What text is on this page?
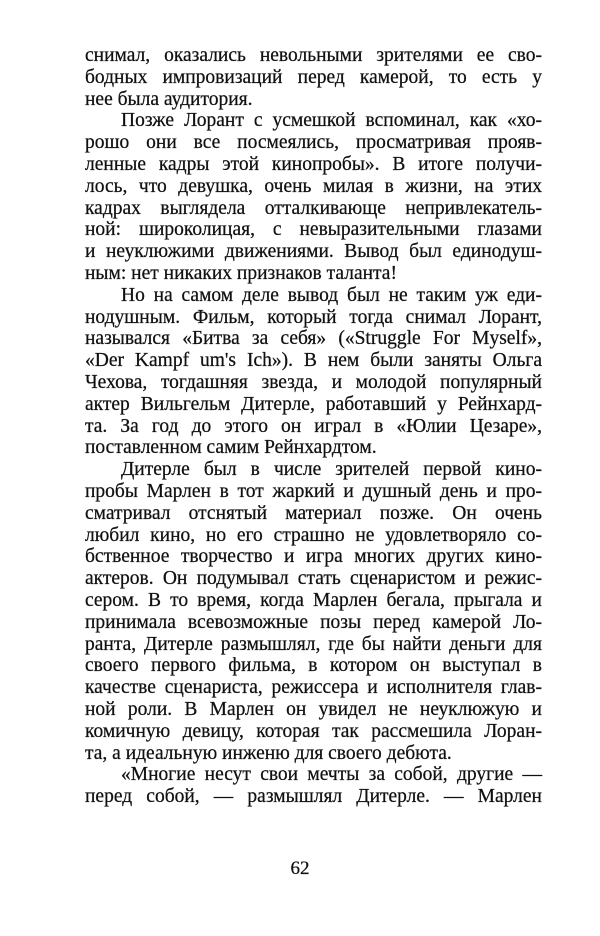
снимал, оказались невольными зрителями ее сво-
бодных импровизаций перед камерой, то есть у
нее была аудитория.
Позже Лорант с усмешкой вспоминал, как «хо-
рошо они все посмеялись, просматривая прояв-
ленные кадры этой кинопробы». В итоге получи-
лось, что девушка, очень милая в жизни, на этих
кадрах выглядела отталкивающе непривлекатель-
ной: широколицая, с невыразительными глазами
и неуклюжими движениями. Вывод был единодуш-
ным: нет никаких признаков таланта!
Но на самом деле вывод был не таким уж еди-
нодушным. Фильм, который тогда снимал Лорант,
назывался «Битва за себя» («Struggle For Myself»,
«Der Kampf um's Ich»). В нем были заняты Ольга
Чехова, тогдашняя звезда, и молодой популярный
актер Вильгельм Дитерле, работавший у Рейнхард-
та. За год до этого он играл в «Юлии Цезаре»,
поставленном самим Рейнхардтом.
Дитерле был в числе зрителей первой кино-
пробы Марлен в тот жаркий и душный день и про-
сматривал отснятый материал позже. Он очень
любил кино, но его страшно не удовлетворяло со-
бственное творчество и игра многих других кино-
актеров. Он подумывал стать сценаристом и режис-
сером. В то время, когда Марлен бегала, прыгала и
принимала всевозможные позы перед камерой Ло-
ранта, Дитерле размышлял, где бы найти деньги для
своего первого фильма, в котором он выступал в
качестве сценариста, режиссера и исполнителя глав-
ной роли. В Марлен он увидел не неуклюжую и
комичную девицу, которая так рассмешила Лоран-
та, а идеальную инженю для своего дебюта.
«Многие несут свои мечты за собой, другие —
перед собой, — размышлял Дитерле. — Марлен
62
